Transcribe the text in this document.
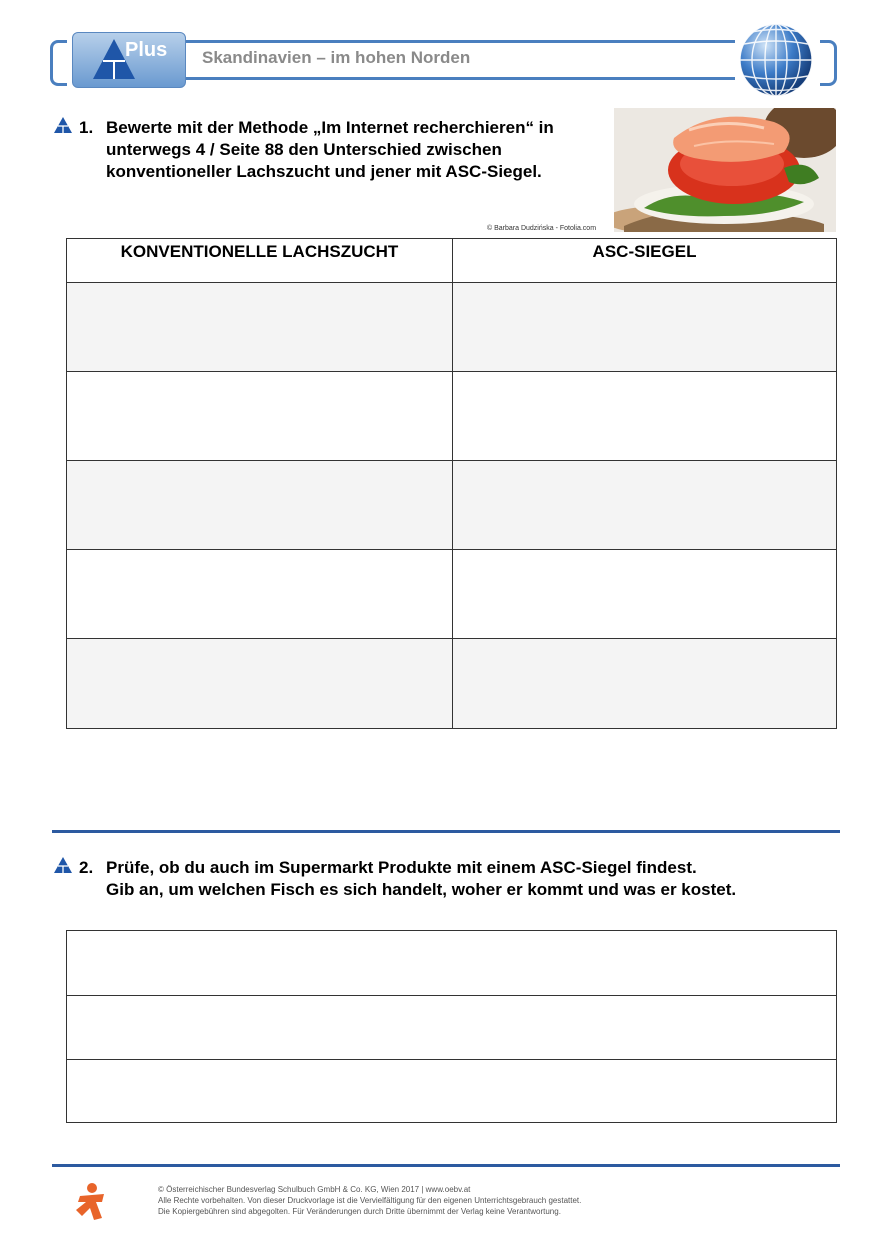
Plus Skandinavien – im hohen Norden
1. Bewerte mit der Methode „Im Internet recherchieren“ in
unterwegs 4 / Seite 88 den Unterschied zwischen
konventioneller Lachszucht und jener mit ASC-Siegel.
© Barbara Dudzińska - Fotolia.com
KONVENTIONELLE LACHSZUCHT	ASC-SIEGEL
2. Prüfe, ob du auch im Supermarkt Produkte mit einem ASC-Siegel findest.
Gib an, um welchen Fisch es sich handelt, woher er kommt und was er kostet.
© Österreichischer Bundesverlag Schulbuch GmbH & Co. KG, Wien 2017 | www.oebv.at
Alle Rechte vorbehalten. Von dieser Druckvorlage ist die Vervielfältigung für den eigenen Unterrichtsgebrauch gestattet.
Die Kopiergebühren sind abgegolten. Für Veränderungen durch Dritte übernimmt der Verlag keine Verantwortung.
